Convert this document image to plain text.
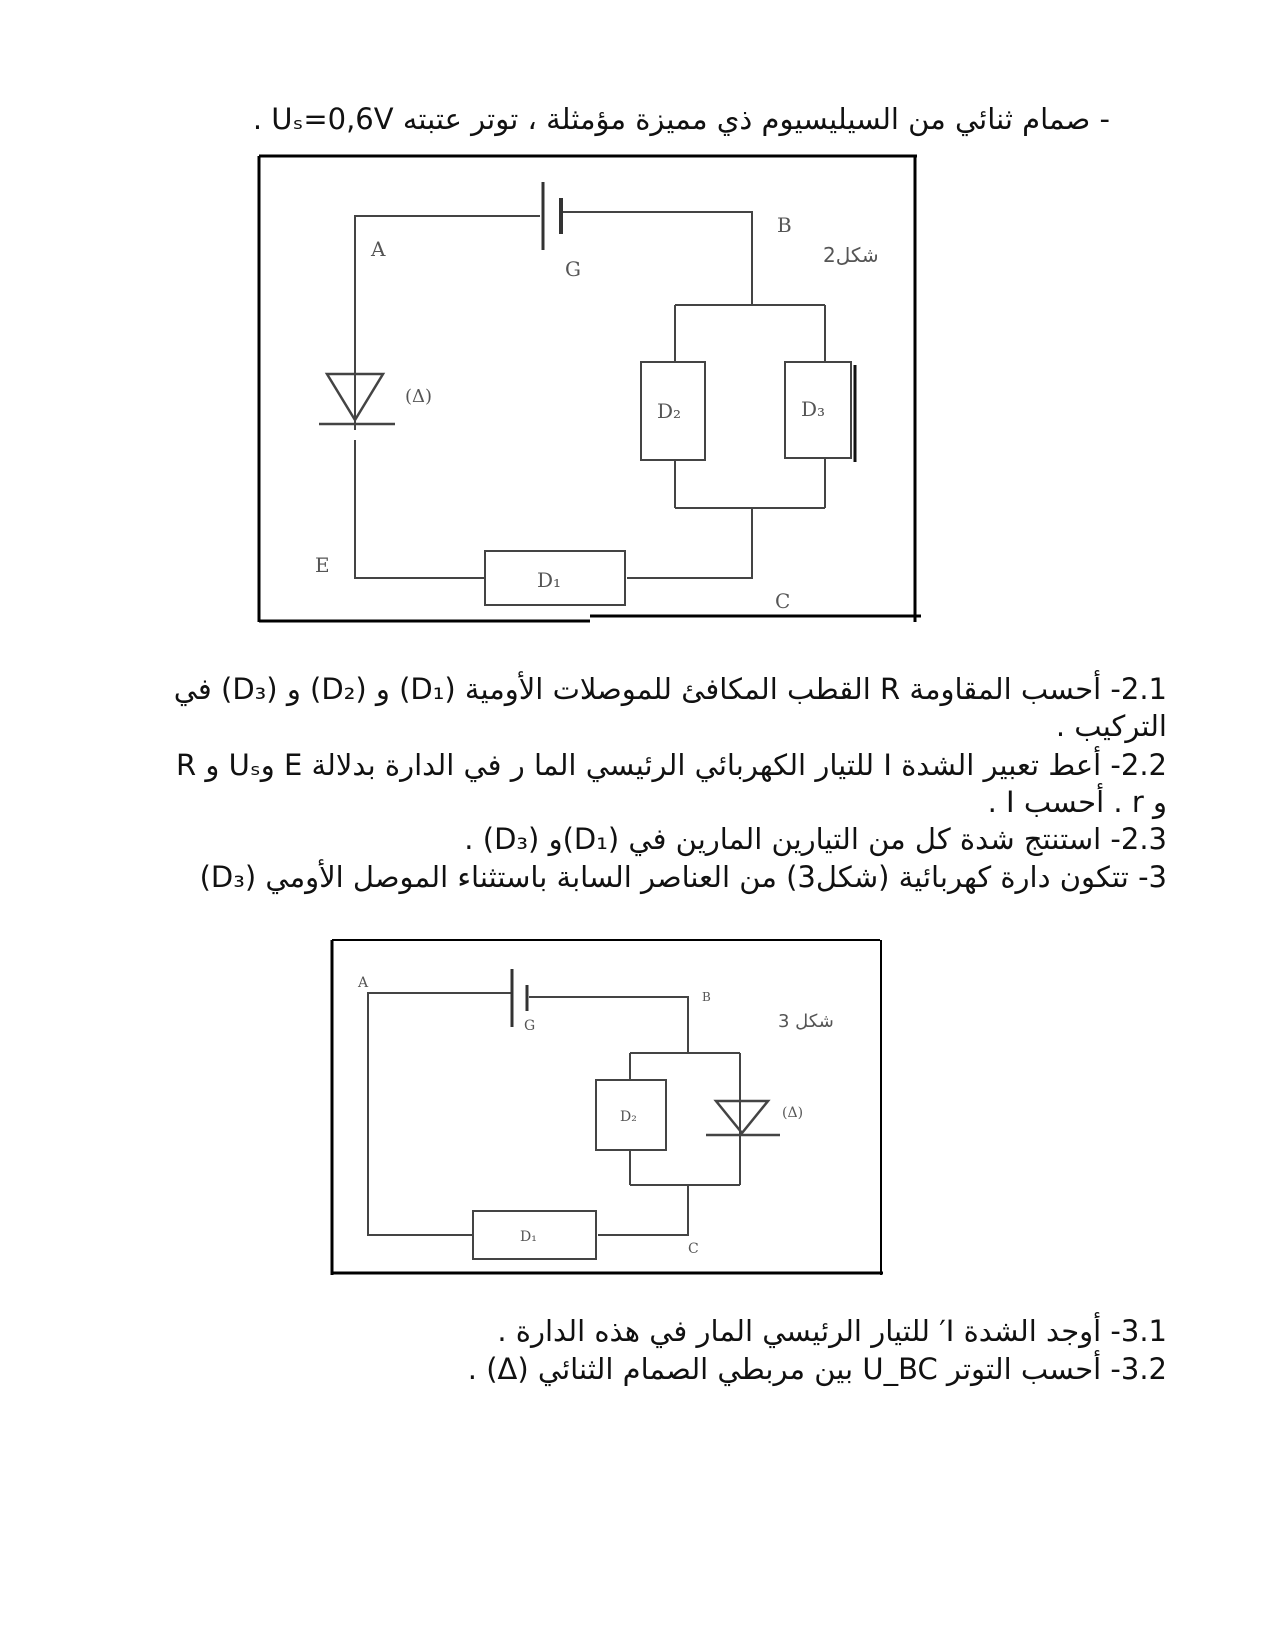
- صمام ثنائي من السيليسيوم ذي مميزة مؤمثلة ، توتر عتبته Uₛ=0,6V .
A
G
B
E
C
(Δ)
D₁
D₂	D₃
شكل2
2.1- أحسب المقاومة R القطب المكافئ للموصلات الأومية (D₁) و (D₂) و (D₃) في
التركيب .
2.2- أعط تعبير الشدة I للتيار الكهربائي الرئيسي الما ر في الدارة بدلالة E وUₛ و R
و r . أحسب I .
2.3- استنتج شدة كل من التيارين المارين في (D₁)و (D₃) .
3- تتكون دارة كهربائية (شكل3) من العناصر السابة باستثناء الموصل الأومي (D₃)
A
G
B
C
(Δ)
D₁
D₂
شكل 3
3.1- أوجد الشدة I′ للتيار الرئيسي المار في هذه الدارة .
3.2- أحسب التوتر U_BC بين مربطي الصمام الثنائي (Δ) .
